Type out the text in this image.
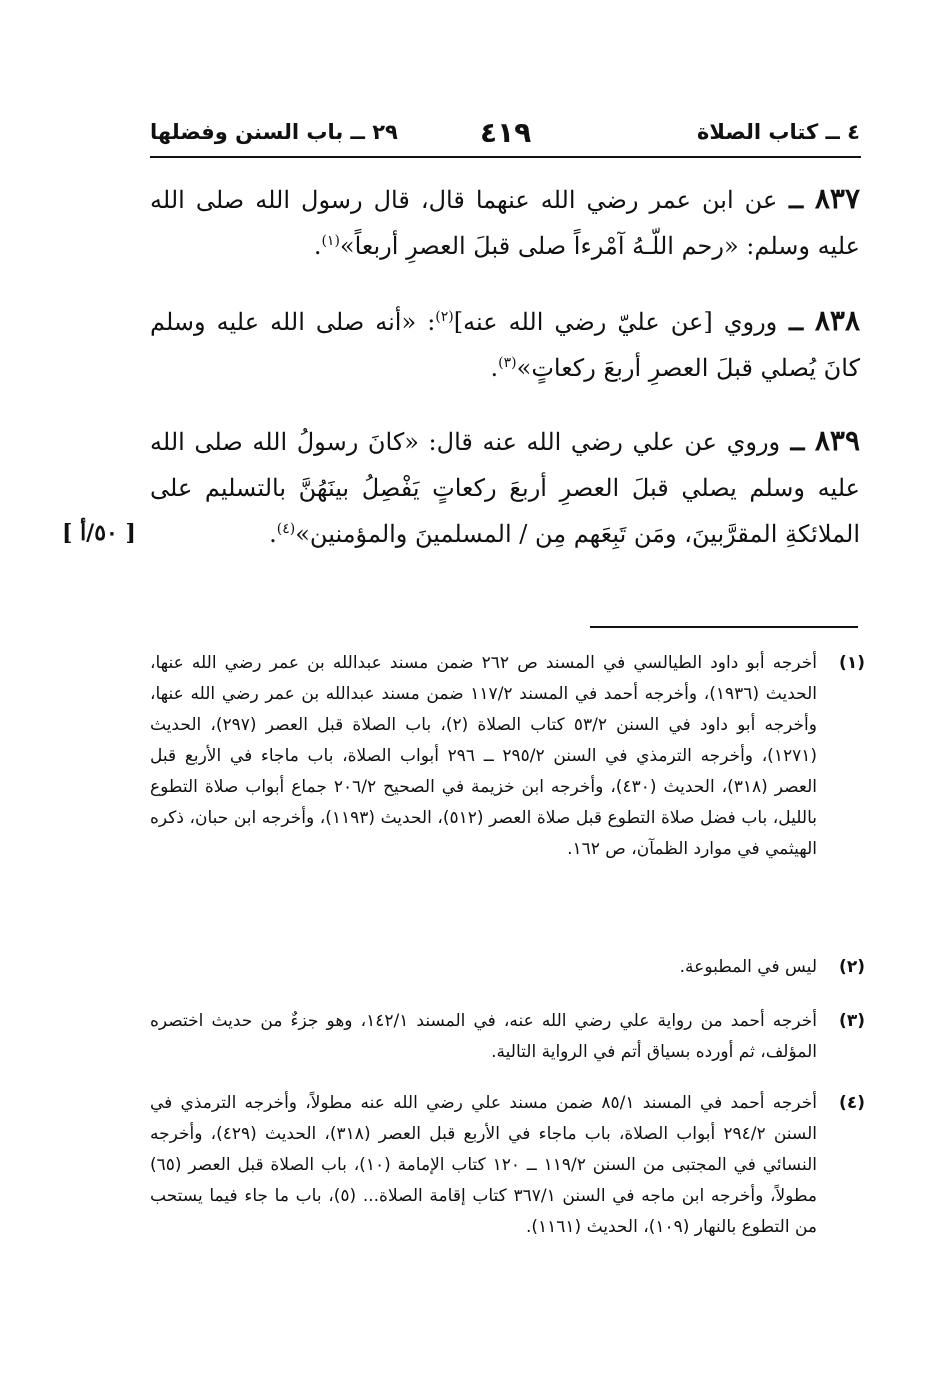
٤ ــ كتاب الصلاة
٤١٩
٢٩ ــ باب السنن وفضلها

٨٣٧ ــ عن ابن عمر رضي الله عنهما قال، قال رسول الله صلى الله عليه وسلم: «رحم اللّـهُ آمْرءاً صلى قبلَ العصرِ أربعاً»$^{(١)}$.

٨٣٨ ــ وروي [عن عليّ رضي الله عنه]$^{(٢)}$: «أنه صلى الله عليه وسلم كانَ يُصلي قبلَ العصرِ أربعَ ركعاتٍ»$^{(٣)}$.

٨٣٩ ــ وروي عن علي رضي الله عنه قال: «كانَ رسولُ الله صلى الله عليه وسلم يصلي قبلَ العصرِ أربعَ ركعاتٍ يَفْصِلُ بينَهُنَّ بالتسليم على الملائكةِ المقرَّبينَ، ومَن تَبِعَهم مِن / المسلمينَ والمؤمنين»$^{(٤)}$.

[ ٥٠/أ ]
(١)
أخرجه أبو داود الطيالسي في المسند ص ٢٦٢ ضمن مسند عبدالله بن عمر رضي الله عنها، الحديث (١٩٣٦)، وأخرجه أحمد في المسند ١١٧/٢ ضمن مسند عبدالله بن عمر رضي الله عنها، وأخرجه أبو داود في السنن ٥٣/٢ كتاب الصلاة (٢)، باب الصلاة قبل العصر (٢٩٧)، الحديث (١٢٧١)، وأخرجه الترمذي في السنن ٢٩٥/٢ ــ ٢٩٦ أبواب الصلاة، باب ماجاء في الأربع قبل العصر (٣١٨)، الحديث (٤٣٠)، وأخرجه ابن خزيمة في الصحيح ٢٠٦/٢ جماع أبواب صلاة التطوع بالليل، باب فضل صلاة التطوع قبل صلاة العصر (٥١٢)، الحديث (١١٩٣)، وأخرجه ابن حبان، ذكره الهيثمي في موارد الظمآن، ص ١٦٢.
(٢)
ليس في المطبوعة.
(٣)
أخرجه أحمد من رواية علي رضي الله عنه، في المسند ١٤٢/١، وهو جزءٌ من حديث اختصره المؤلف، ثم أورده بسياق أتم في الرواية التالية.
(٤)
أخرجه أحمد في المسند ٨٥/١ ضمن مسند علي رضي الله عنه مطولاً، وأخرجه الترمذي في السنن ٢٩٤/٢ أبواب الصلاة، باب ماجاء في الأربع قبل العصر (٣١٨)، الحديث (٤٢٩)، وأخرجه النسائي في المجتبى من السنن ١١٩/٢ ــ ١٢٠ كتاب الإمامة (١٠)، باب الصلاة قبل العصر (٦٥) مطولاً، وأخرجه ابن ماجه في السنن ٣٦٧/١ كتاب إقامة الصلاة... (٥)، باب ما جاء فيما يستحب من التطوع بالنهار (١٠٩)، الحديث (١١٦١).
